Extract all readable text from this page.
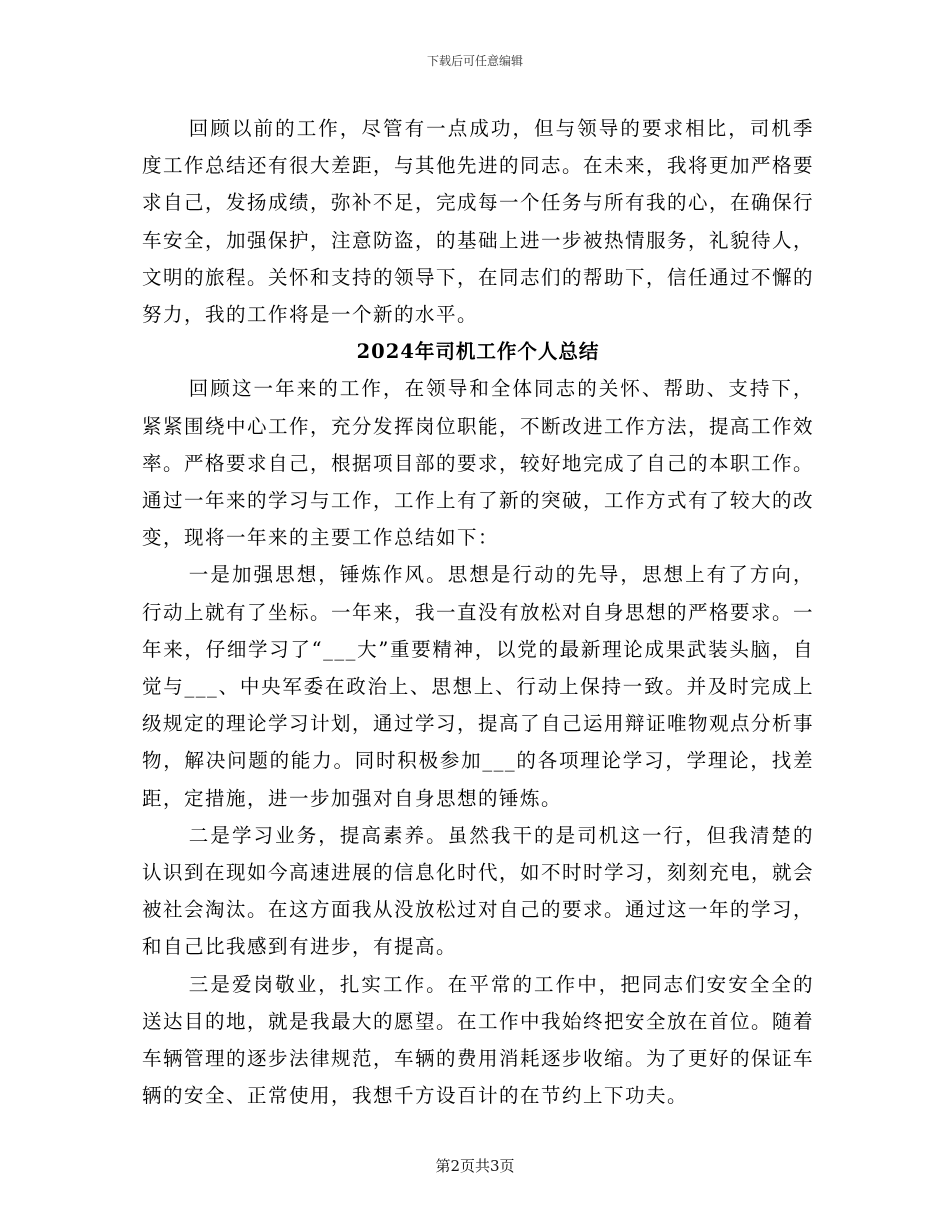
下载后可任意编辑

回顾以前的工作，尽管有一点成功，但与领导的要求相比，司机季度工作总结还有很大差距，与其他先进的同志。在未来，我将更加严格要求自己，发扬成绩，弥补不足，完成每一个任务与所有我的心，在确保行车安全，加强保护，注意防盗，的基础上进一步被热情服务，礼貌待人，文明的旅程。关怀和支持的领导下，在同志们的帮助下，信任通过不懈的努力，我的工作将是一个新的水平。

2024年司机工作个人总结

回顾这一年来的工作，在领导和全体同志的关怀、帮助、支持下，紧紧围绕中心工作，充分发挥岗位职能，不断改进工作方法，提高工作效率。严格要求自己，根据项目部的要求，较好地完成了自己的本职工作。通过一年来的学习与工作，工作上有了新的突破，工作方式有了较大的改变，现将一年来的主要工作总结如下：

一是加强思想，锤炼作风。思想是行动的先导，思想上有了方向，行动上就有了坐标。一年来，我一直没有放松对自身思想的严格要求。一年来，仔细学习了“___大”重要精神，以党的最新理论成果武装头脑，自觉与___、中央军委在政治上、思想上、行动上保持一致。并及时完成上级规定的理论学习计划，通过学习，提高了自己运用辩证唯物观点分析事物，解决问题的能力。同时积极参加___的各项理论学习，学理论，找差距，定措施，进一步加强对自身思想的锤炼。

二是学习业务，提高素养。虽然我干的是司机这一行，但我清楚的认识到在现如今高速进展的信息化时代，如不时时学习，刻刻充电，就会被社会淘汰。在这方面我从没放松过对自己的要求。通过这一年的学习，和自己比我感到有进步，有提高。

三是爱岗敬业，扎实工作。在平常的工作中，把同志们安安全全的送达目的地，就是我最大的愿望。在工作中我始终把安全放在首位。随着车辆管理的逐步法律规范，车辆的费用消耗逐步收缩。为了更好的保证车辆的安全、正常使用，我想千方设百计的在节约上下功夫。

第2页共3页
